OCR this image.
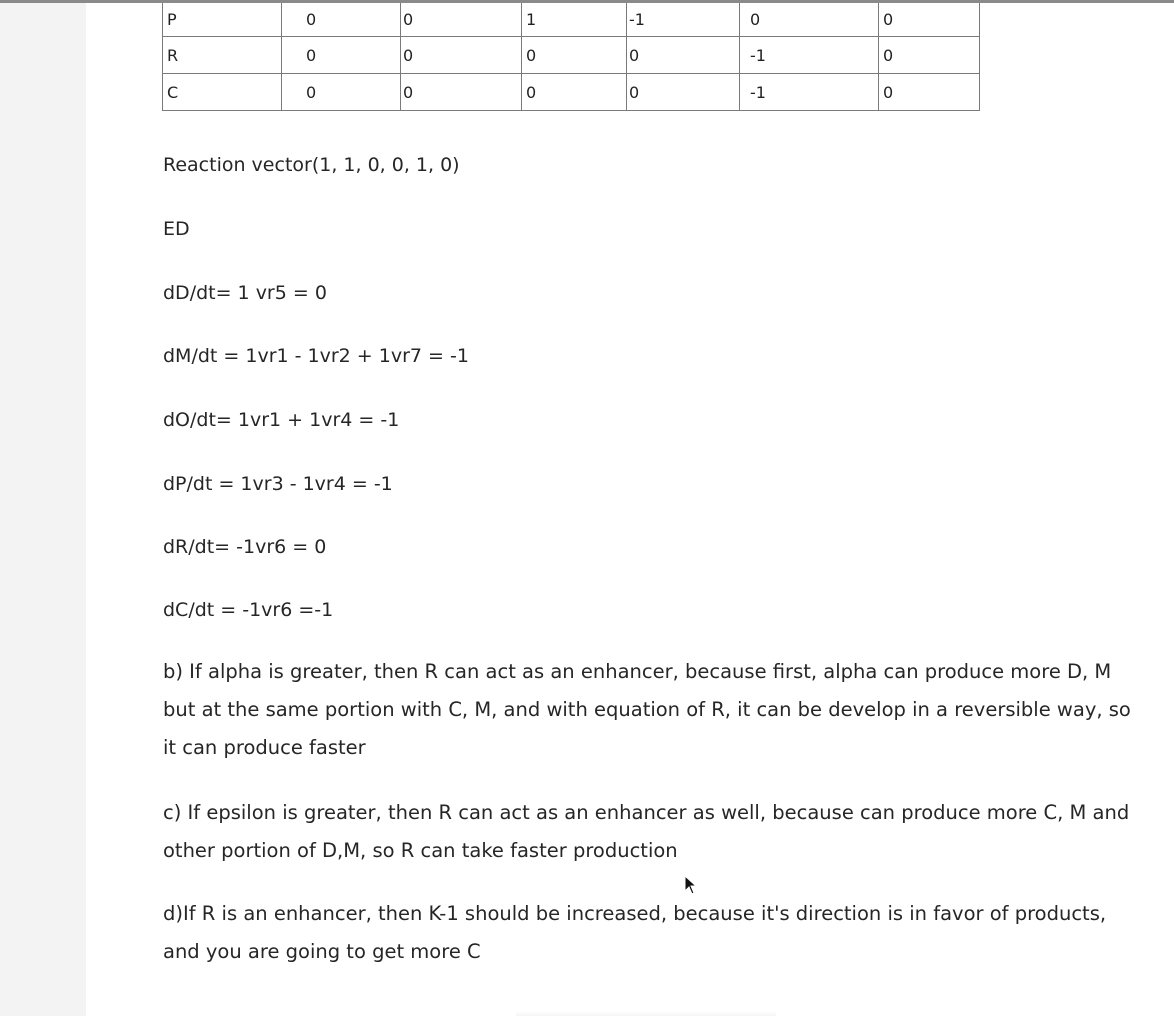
P	0	0	1	-1	0	0
R	0	0	0	0	-1	0
C	0	0	0	0	-1	0
Reaction vector(1, 1, 0, 0, 1, 0)
ED
dD/dt= 1 vr5 = 0
dM/dt = 1vr1 - 1vr2 + 1vr7 = -1
dO/dt= 1vr1 + 1vr4 = -1
dP/dt = 1vr3 - 1vr4 = -1
dR/dt= -1vr6 = 0
dC/dt = -1vr6 =-1
b) If alpha is greater, then R can act as an enhancer, because first, alpha can produce more D, M but at the same portion with C, M, and with equation of R, it can be develop in a reversible way, so it can produce faster
c) If epsilon is greater, then R can act as an enhancer as well, because can produce more C, M and other portion of D,M, so R can take faster production
d)If R is an enhancer, then K-1 should be increased, because it's direction is in favor of products, and you are going to get more C
